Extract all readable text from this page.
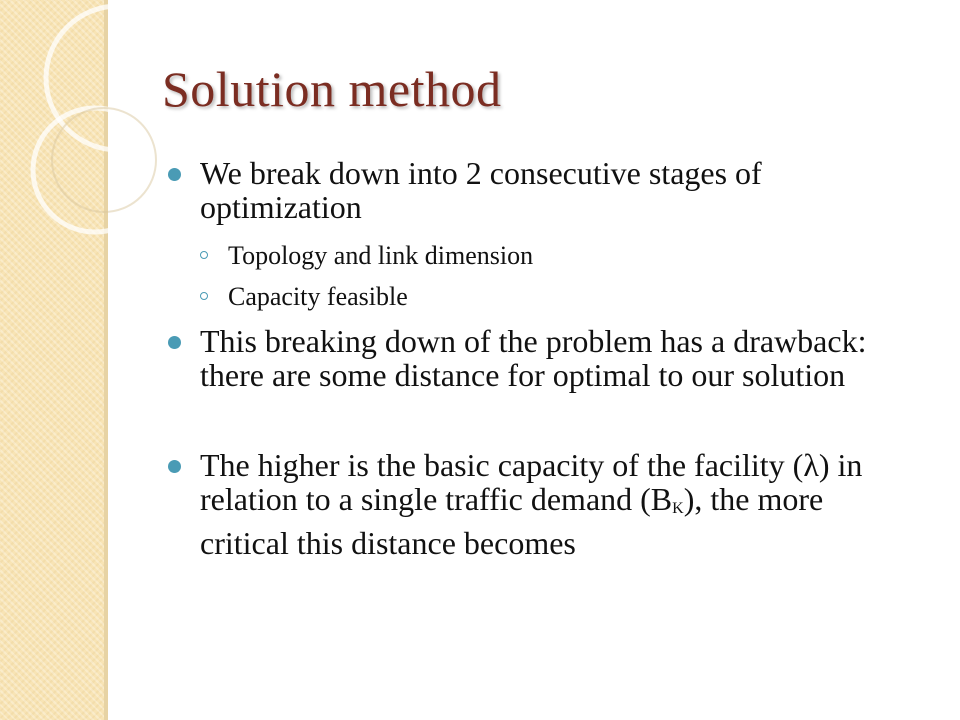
Solution method
We break down into 2 consecutive stages of optimization
Topology and link dimension
Capacity feasible
This breaking down of the problem has a drawback: there are some distance for optimal to our solution
The higher is the basic capacity of the facility (λ) in relation to a single traffic demand $(B_K)$, the more critical this distance becomes
